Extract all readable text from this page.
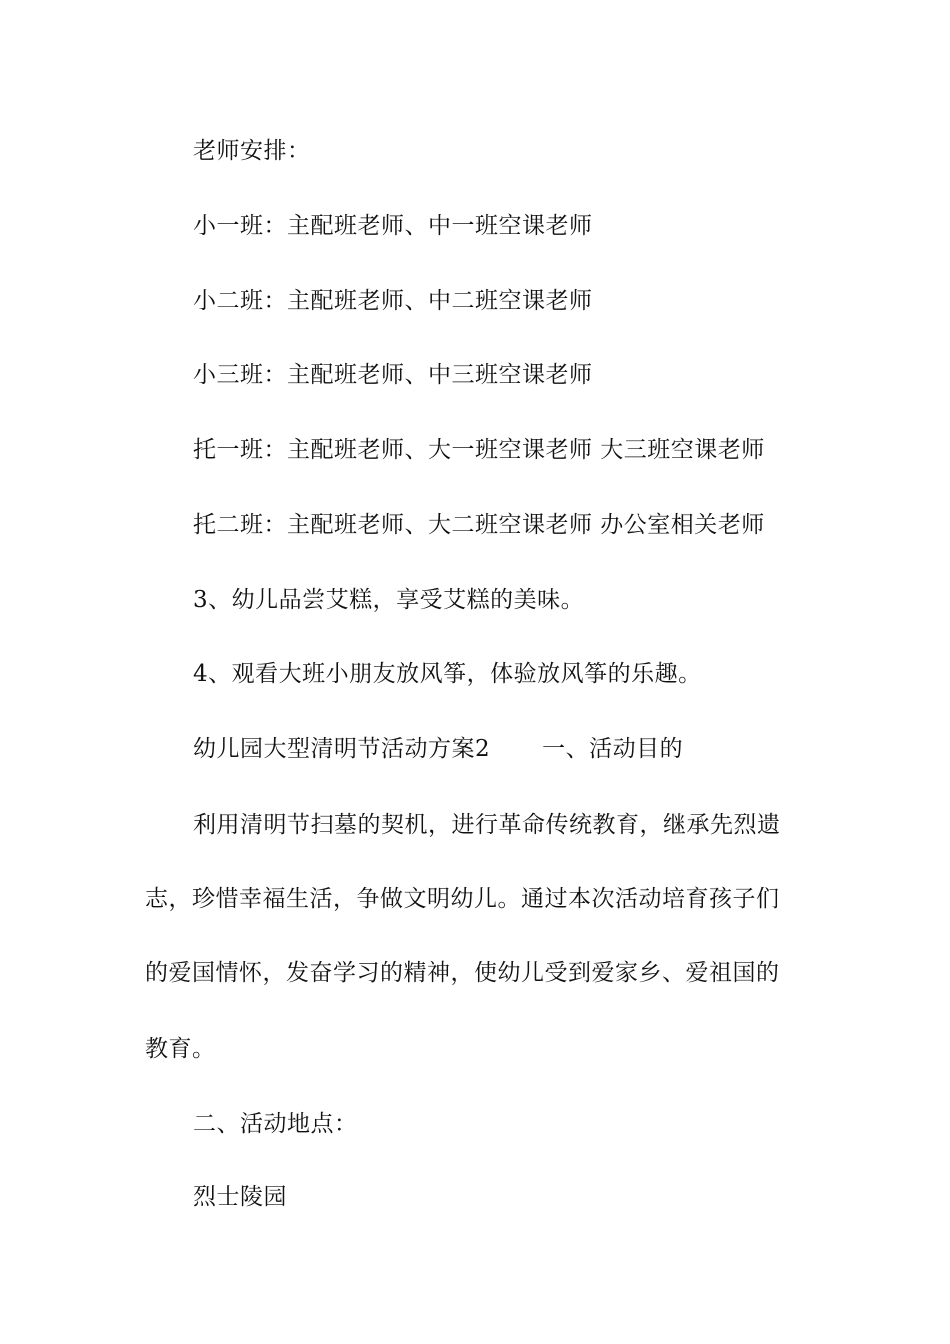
老师安排：
小一班：主配班老师、中一班空课老师
小二班：主配班老师、中二班空课老师
小三班：主配班老师、中三班空课老师
托一班：主配班老师、大一班空课老师 大三班空课老师
托二班：主配班老师、大二班空课老师 办公室相关老师
3、幼儿品尝艾糕，享受艾糕的美味。
4、观看大班小朋友放风筝，体验放风筝的乐趣。
幼儿园大型清明节活动方案2 一、活动目的
利用清明节扫墓的契机，进行革命传统教育，继承先烈遗
志，珍惜幸福生活，争做文明幼儿。通过本次活动培育孩子们
的爱国情怀，发奋学习的精神，使幼儿受到爱家乡、爱祖国的
教育。
二、活动地点：
烈士陵园
